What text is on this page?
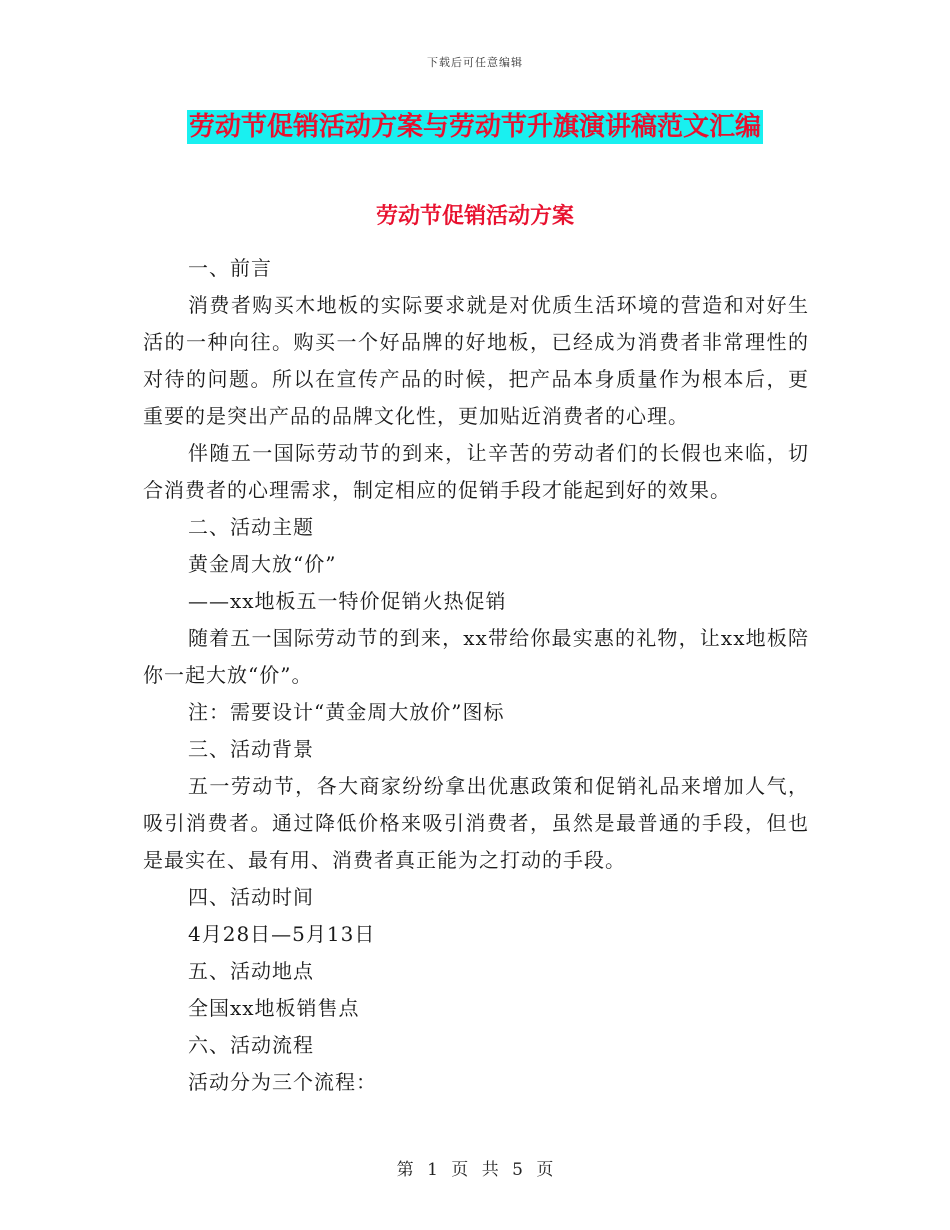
下载后可任意编辑
劳动节促销活动方案与劳动节升旗演讲稿范文汇编
劳动节促销活动方案

一、前言

消费者购买木地板的实际要求就是对优质生活环境的营造和对好生活的一种向往。购买一个好品牌的好地板，已经成为消费者非常理性的对待的问题。所以在宣传产品的时候，把产品本身质量作为根本后，更重要的是突出产品的品牌文化性，更加贴近消费者的心理。

伴随五一国际劳动节的到来，让辛苦的劳动者们的长假也来临，切合消费者的心理需求，制定相应的促销手段才能起到好的效果。

二、活动主题

黄金周大放“价”

——xx地板五一特价促销火热促销

随着五一国际劳动节的到来，xx带给你最实惠的礼物，让xx地板陪你一起大放“价”。

注：需要设计“黄金周大放价”图标

三、活动背景

五一劳动节，各大商家纷纷拿出优惠政策和促销礼品来增加人气，吸引消费者。通过降低价格来吸引消费者，虽然是最普通的手段，但也是最实在、最有用、消费者真正能为之打动的手段。

四、活动时间

4月28日—5月13日

五、活动地点

全国xx地板销售点

六、活动流程

活动分为三个流程：

第 1 页 共 5 页
